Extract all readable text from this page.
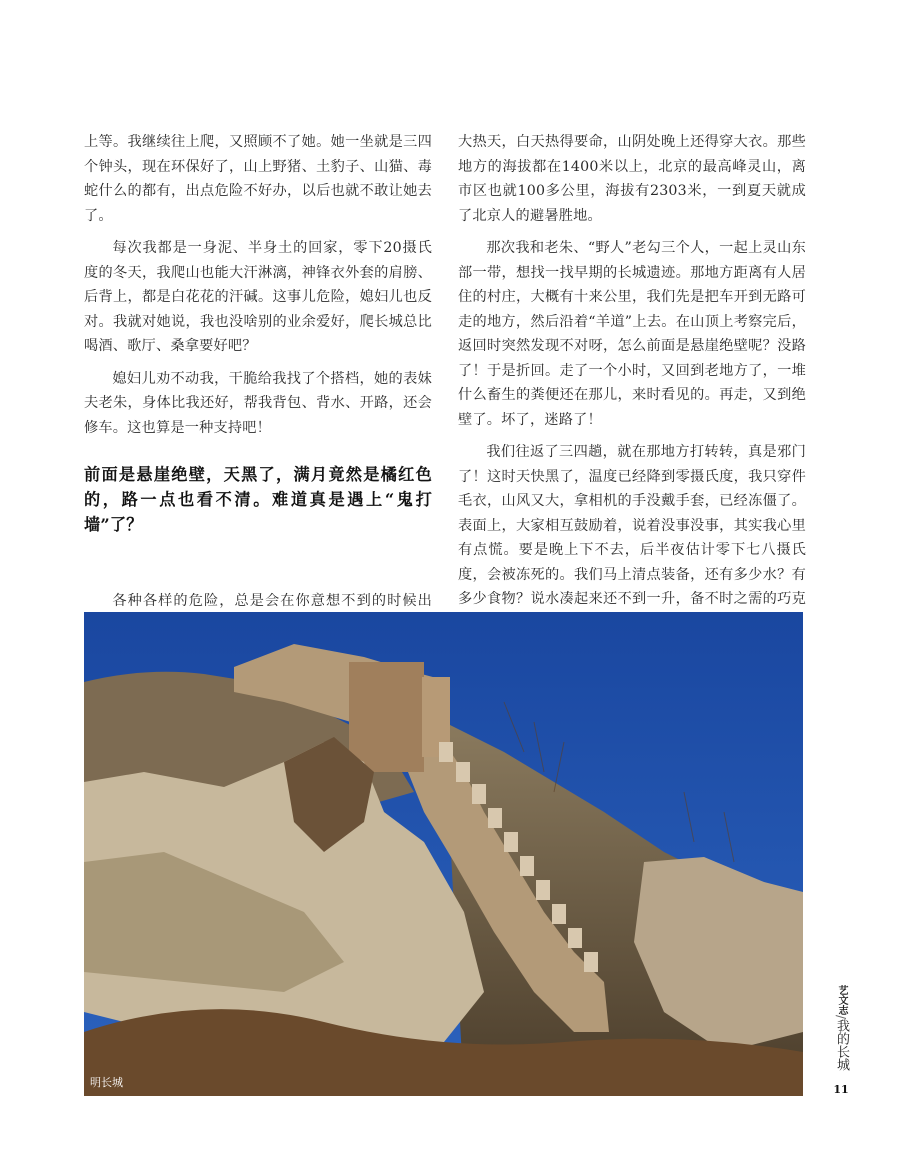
上等。我继续往上爬，又照顾不了她。她一坐就是三四个钟头，现在环保好了，山上野猪、土豹子、山猫、毒蛇什么的都有，出点危险不好办，以后也就不敢让她去了。

每次我都是一身泥、半身土的回家，零下20摄氏度的冬天，我爬山也能大汗淋漓，神锋衣外套的肩膀、后背上，都是白花花的汗碱。这事儿危险，媳妇儿也反对。我就对她说，我也没啥别的业余爱好，爬长城总比喝酒、歌厅、桑拿要好吧？

媳妇儿劝不动我，干脆给我找了个搭档，她的表妹夫老朱，身体比我还好，帮我背包、背水、开路，还会修车。这也算是一种支持吧！

前面是悬崖绝壁，天黑了，满月竟然是橘红色的，路一点也看不清。难道真是遇上“鬼打墙”了？

各种各样的危险，总是会在你意想不到的时候出

大热天，白天热得要命，山阴处晚上还得穿大衣。那些地方的海拔都在1400米以上，北京的最高峰灵山，离市区也就100多公里，海拔有2303米，一到夏天就成了北京人的避暑胜地。

那次我和老朱、“野人”老勾三个人，一起上灵山东部一带，想找一找早期的长城遗迹。那地方距离有人居住的村庄，大概有十来公里，我们先是把车开到无路可走的地方，然后沿着“羊道”上去。在山顶上考察完后，返回时突然发现不对呀，怎么前面是悬崖绝壁呢？没路了！于是折回。走了一个小时，又回到老地方了，一堆什么畜生的粪便还在那儿，来时看见的。再走，又到绝壁了。坏了，迷路了！

我们往返了三四趟，就在那地方打转转，真是邪门了！这时天快黑了，温度已经降到零摄氏度，我只穿件毛衣，山风又大，拿相机的手没戴手套，已经冻僵了。表面上，大家相互鼓励着，说着没事没事，其实我心里有点慌。要是晚上下不去，后半夜估计零下七八摄氏度，会被冻死的。我们马上清点装备，还有多少水？有多少食物？说水凑起来还不到一升，备不时之需的巧克

明长城
艺文志/我的长城
11
